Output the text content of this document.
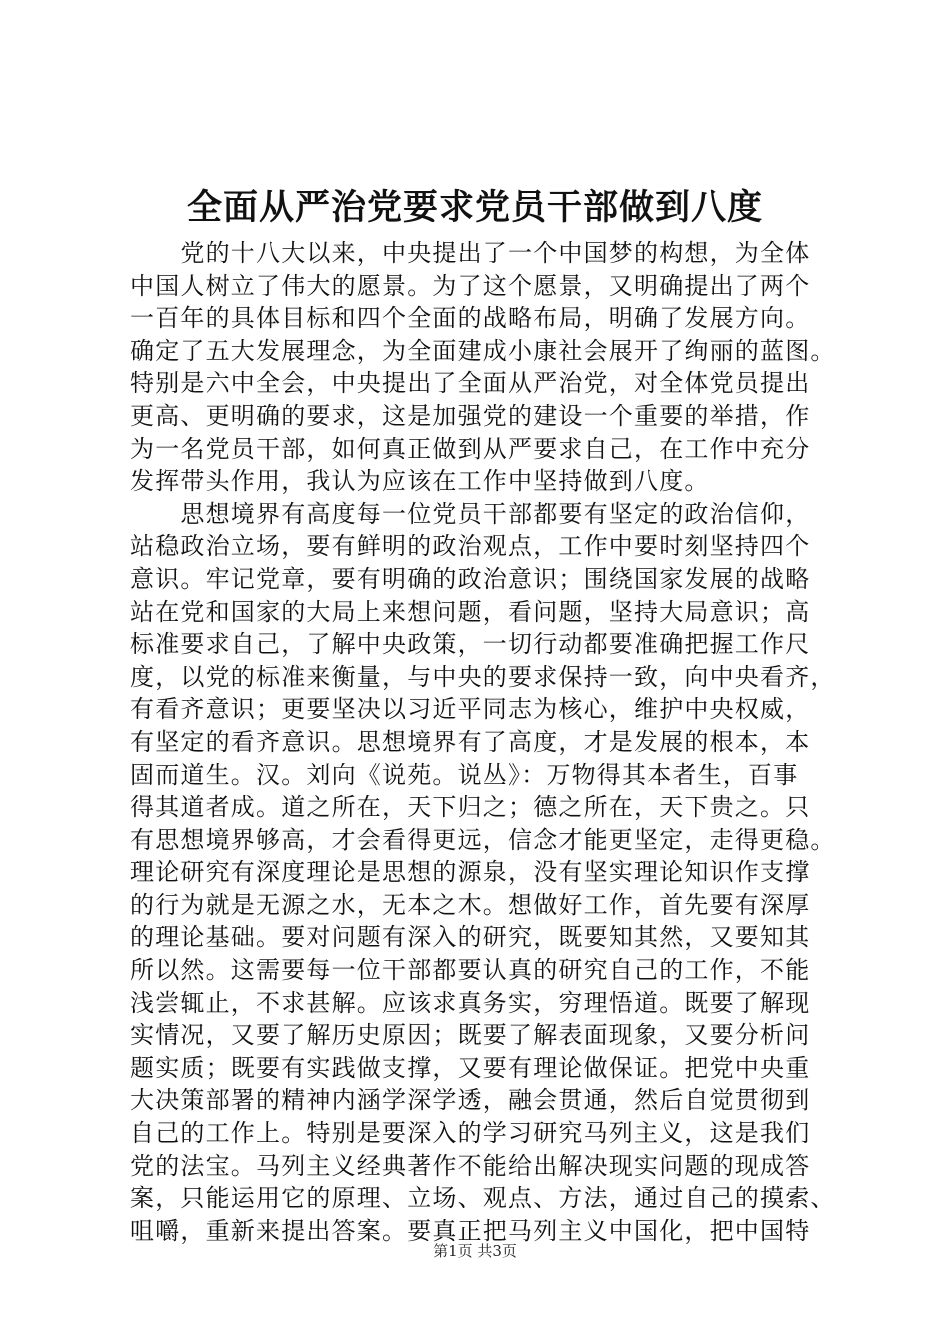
全面从严治党要求党员干部做到八度
　　党的十八大以来，中央提出了一个中国梦的构想，为全体
中国人树立了伟大的愿景。为了这个愿景，又明确提出了两个
一百年的具体目标和四个全面的战略布局，明确了发展方向。
确定了五大发展理念，为全面建成小康社会展开了绚丽的蓝图。
特别是六中全会，中央提出了全面从严治党，对全体党员提出
更高、更明确的要求，这是加强党的建设一个重要的举措，作
为一名党员干部，如何真正做到从严要求自己，在工作中充分
发挥带头作用，我认为应该在工作中坚持做到八度。
　　思想境界有高度每一位党员干部都要有坚定的政治信仰，
站稳政治立场，要有鲜明的政治观点，工作中要时刻坚持四个
意识。牢记党章，要有明确的政治意识；围绕国家发展的战略
站在党和国家的大局上来想问题，看问题，坚持大局意识；高
标准要求自己，了解中央政策，一切行动都要准确把握工作尺
度，以党的标准来衡量，与中央的要求保持一致，向中央看齐，
有看齐意识；更要坚决以习近平同志为核心，维护中央权威，
有坚定的看齐意识。思想境界有了高度，才是发展的根本，本
固而道生。汉。刘向《说苑。说丛》：万物得其本者生，百事
得其道者成。道之所在，天下归之；德之所在，天下贵之。只
有思想境界够高，才会看得更远，信念才能更坚定，走得更稳。
理论研究有深度理论是思想的源泉，没有坚实理论知识作支撑
的行为就是无源之水，无本之木。想做好工作，首先要有深厚
的理论基础。要对问题有深入的研究，既要知其然，又要知其
所以然。这需要每一位干部都要认真的研究自己的工作，不能
浅尝辄止，不求甚解。应该求真务实，穷理悟道。既要了解现
实情况，又要了解历史原因；既要了解表面现象，又要分析问
题实质；既要有实践做支撑，又要有理论做保证。把党中央重
大决策部署的精神内涵学深学透，融会贯通，然后自觉贯彻到
自己的工作上。特别是要深入的学习研究马列主义，这是我们
党的法宝。马列主义经典著作不能给出解决现实问题的现成答
案，只能运用它的原理、立场、观点、方法，通过自己的摸索、
咀嚼，重新来提出答案。要真正把马列主义中国化，把中国特
第1页 共3页
